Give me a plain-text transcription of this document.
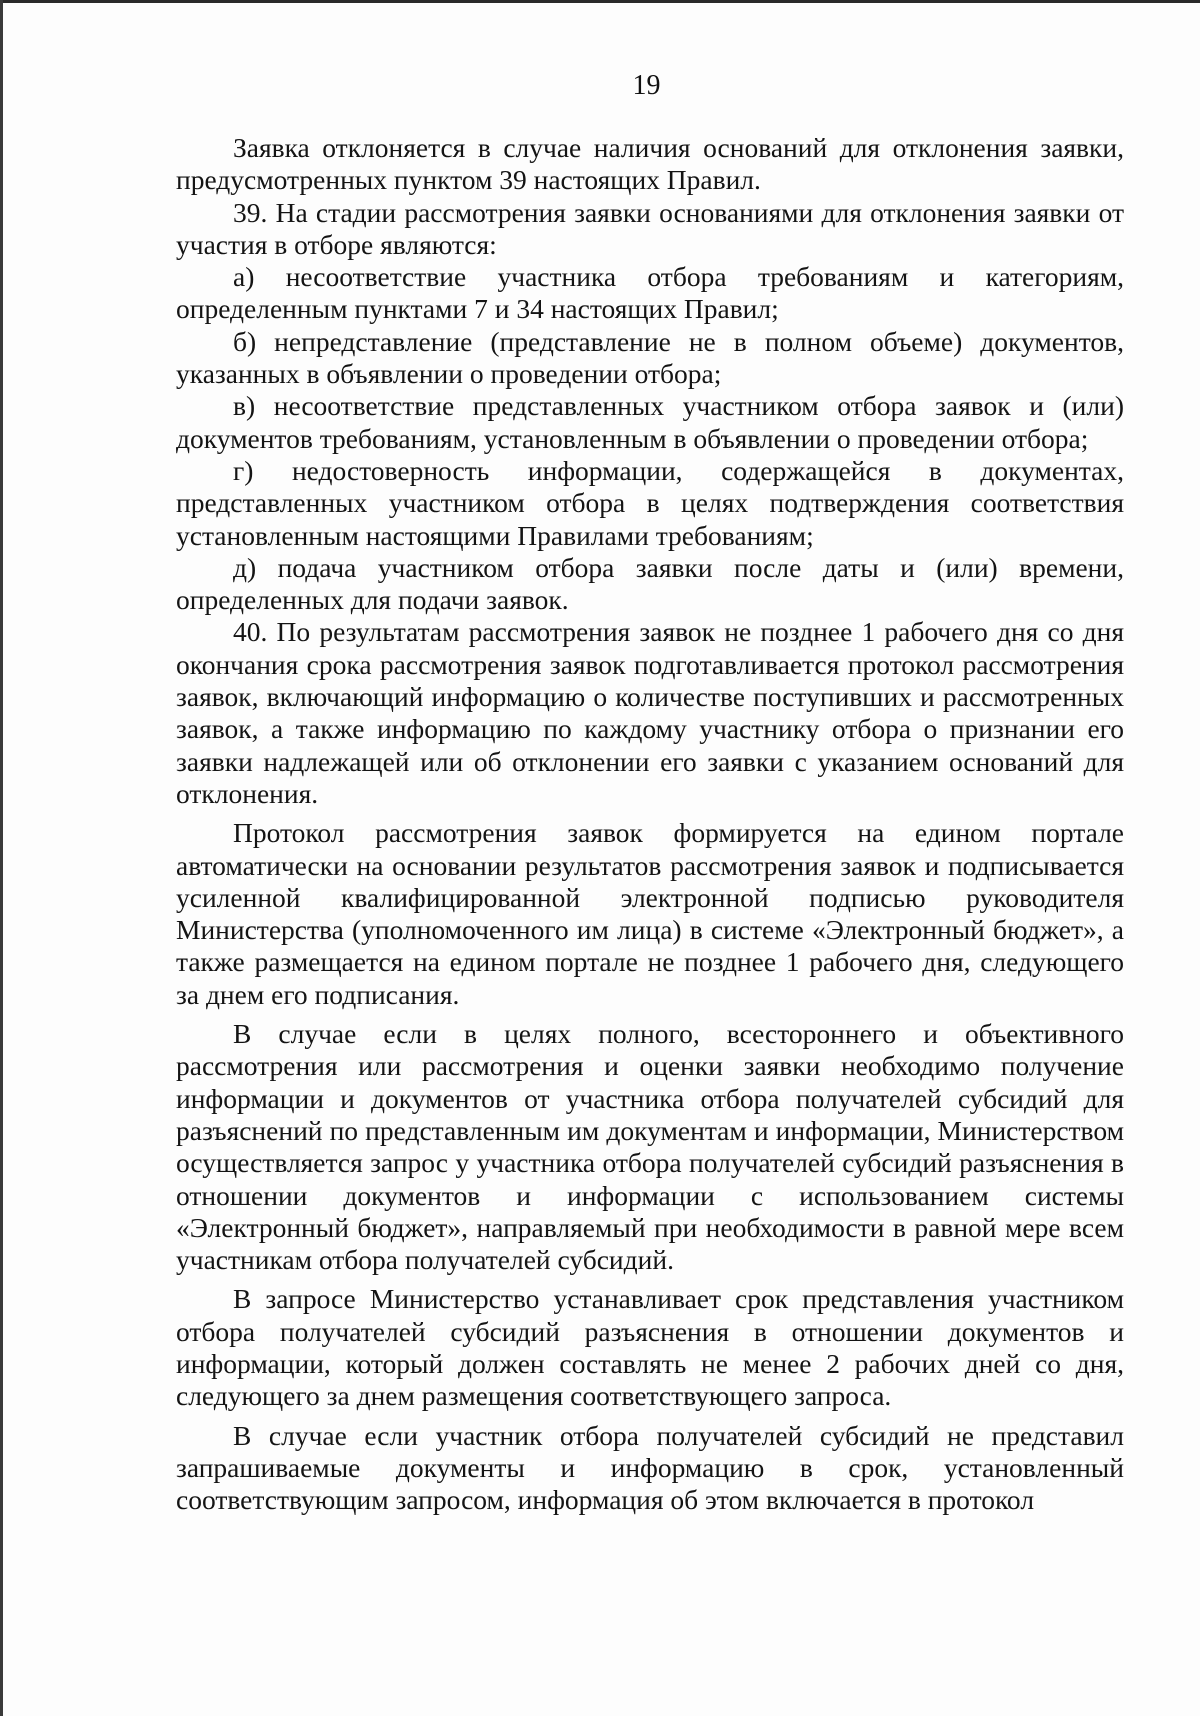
19

Заявка отклоняется в случае наличия оснований для отклонения заявки, предусмотренных пунктом 39 настоящих Правил.

39. На стадии рассмотрения заявки основаниями для отклонения заявки от участия в отборе являются:

а) несоответствие участника отбора требованиям и категориям, определенным пунктами 7 и 34 настоящих Правил;

б) непредставление (представление не в полном объеме) документов, указанных в объявлении о проведении отбора;

в) несоответствие представленных участником отбора заявок и (или) документов требованиям, установленным в объявлении о проведении отбора;

г) недостоверность информации, содержащейся в документах, представленных участником отбора в целях подтверждения соответствия установленным настоящими Правилами требованиям;

д) подача участником отбора заявки после даты и (или) времени, определенных для подачи заявок.

40. По результатам рассмотрения заявок не позднее 1 рабочего дня со дня окончания срока рассмотрения заявок подготавливается протокол рассмотрения заявок, включающий информацию о количестве поступивших и рассмотренных заявок, а также информацию по каждому участнику отбора о признании его заявки надлежащей или об отклонении его заявки с указанием оснований для отклонения.

Протокол рассмотрения заявок формируется на едином портале автоматически на основании результатов рассмотрения заявок и подписывается усиленной квалифицированной электронной подписью руководителя Министерства (уполномоченного им лица) в системе «Электронный бюджет», а также размещается на едином портале не позднее 1 рабочего дня, следующего за днем его подписания.

В случае если в целях полного, всестороннего и объективного рассмотрения или рассмотрения и оценки заявки необходимо получение информации и документов от участника отбора получателей субсидий для разъяснений по представленным им документам и информации, Министерством осуществляется запрос у участника отбора получателей субсидий разъяснения в отношении документов и информации с использованием системы «Электронный бюджет», направляемый при необходимости в равной мере всем участникам отбора получателей субсидий.

В запросе Министерство устанавливает срок представления участником отбора получателей субсидий разъяснения в отношении документов и информации, который должен составлять не менее 2 рабочих дней со дня, следующего за днем размещения соответствующего запроса.

В случае если участник отбора получателей субсидий не представил запрашиваемые документы и информацию в срок, установленный соответствующим запросом, информация об этом включается в протокол
